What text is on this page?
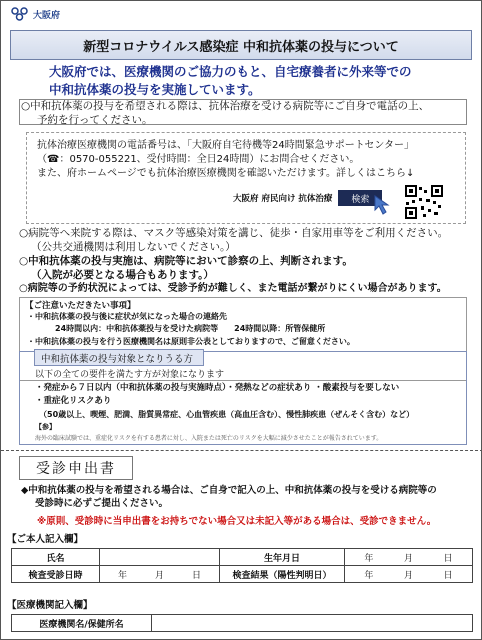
大阪府
新型コロナウイルス感染症 中和抗体薬の投与について
大阪府では、医療機関のご協力のもと、自宅療養者に外来等での
中和抗体薬の投与を実施しています。
○中和抗体薬の投与を希望される際は、抗体治療を受ける病院等にご自身で電話の上、
予約を行ってください。
抗体治療医療機関の電話番号は、「大阪府自宅待機等24時間緊急サポートセンター」
（☎：0570-055221、受付時間：全日24時間）にお問合せください。
また、府ホームページでも抗体治療医療機関を確認いただけます。詳しくはこちら↓
大阪府 府民向け 抗体治療	検索
○病院等へ来院する際は、マスク等感染対策を講じ、徒歩・自家用車等をご利用ください。
（公共交通機関は利用しないでください。）
○中和抗体薬の投与実施は、病院等において診察の上、判断されます。
（入院が必要となる場合もあります。）
○病院等の予約状況によっては、受診予約が難しく、また電話が繋がりにくい場合があります。
【ご注意いただきたい事項】
・中和抗体薬の投与後に症状が気になった場合の連絡先
24時間以内：中和抗体薬投与を受けた病院等　　24時間以降：所管保健所
・中和抗体薬の投与を行う医療機関名は原則非公表としておりますので、ご留意ください。
中和抗体薬の投与対象となりうる方
以下の全ての要件を満たす方が対象になります
・発症から７日以内（中和抗体薬の投与実施時点）・発熱などの症状あり ・酸素投与を要しない
・重症化リスクあり
（50歳以上、喫煙、肥満、脂質異常症、心血管疾患（高血圧含む）、慢性肺疾患（ぜんそく含む）など）
【参】
海外の臨床試験では、重症化リスクを有する患者に対し、入院または死亡のリスクを大幅に減少させたことが報告されています。
受診申出書
◆中和抗体薬の投与を希望される場合は、ご自身で記入の上、中和抗体薬の投与を受ける病院等の
受診時に必ずご提出ください。
※原則、受診時に当申出書をお持ちでない場合又は未記入等がある場合は、受診できません。
【ご本人記入欄】
氏名		生年月日	年 月 日

検査受診日時	年 月 日	検査結果（陽性判明日）	年 月 日
【医療機関記入欄】
医療機関名/保健所名	
